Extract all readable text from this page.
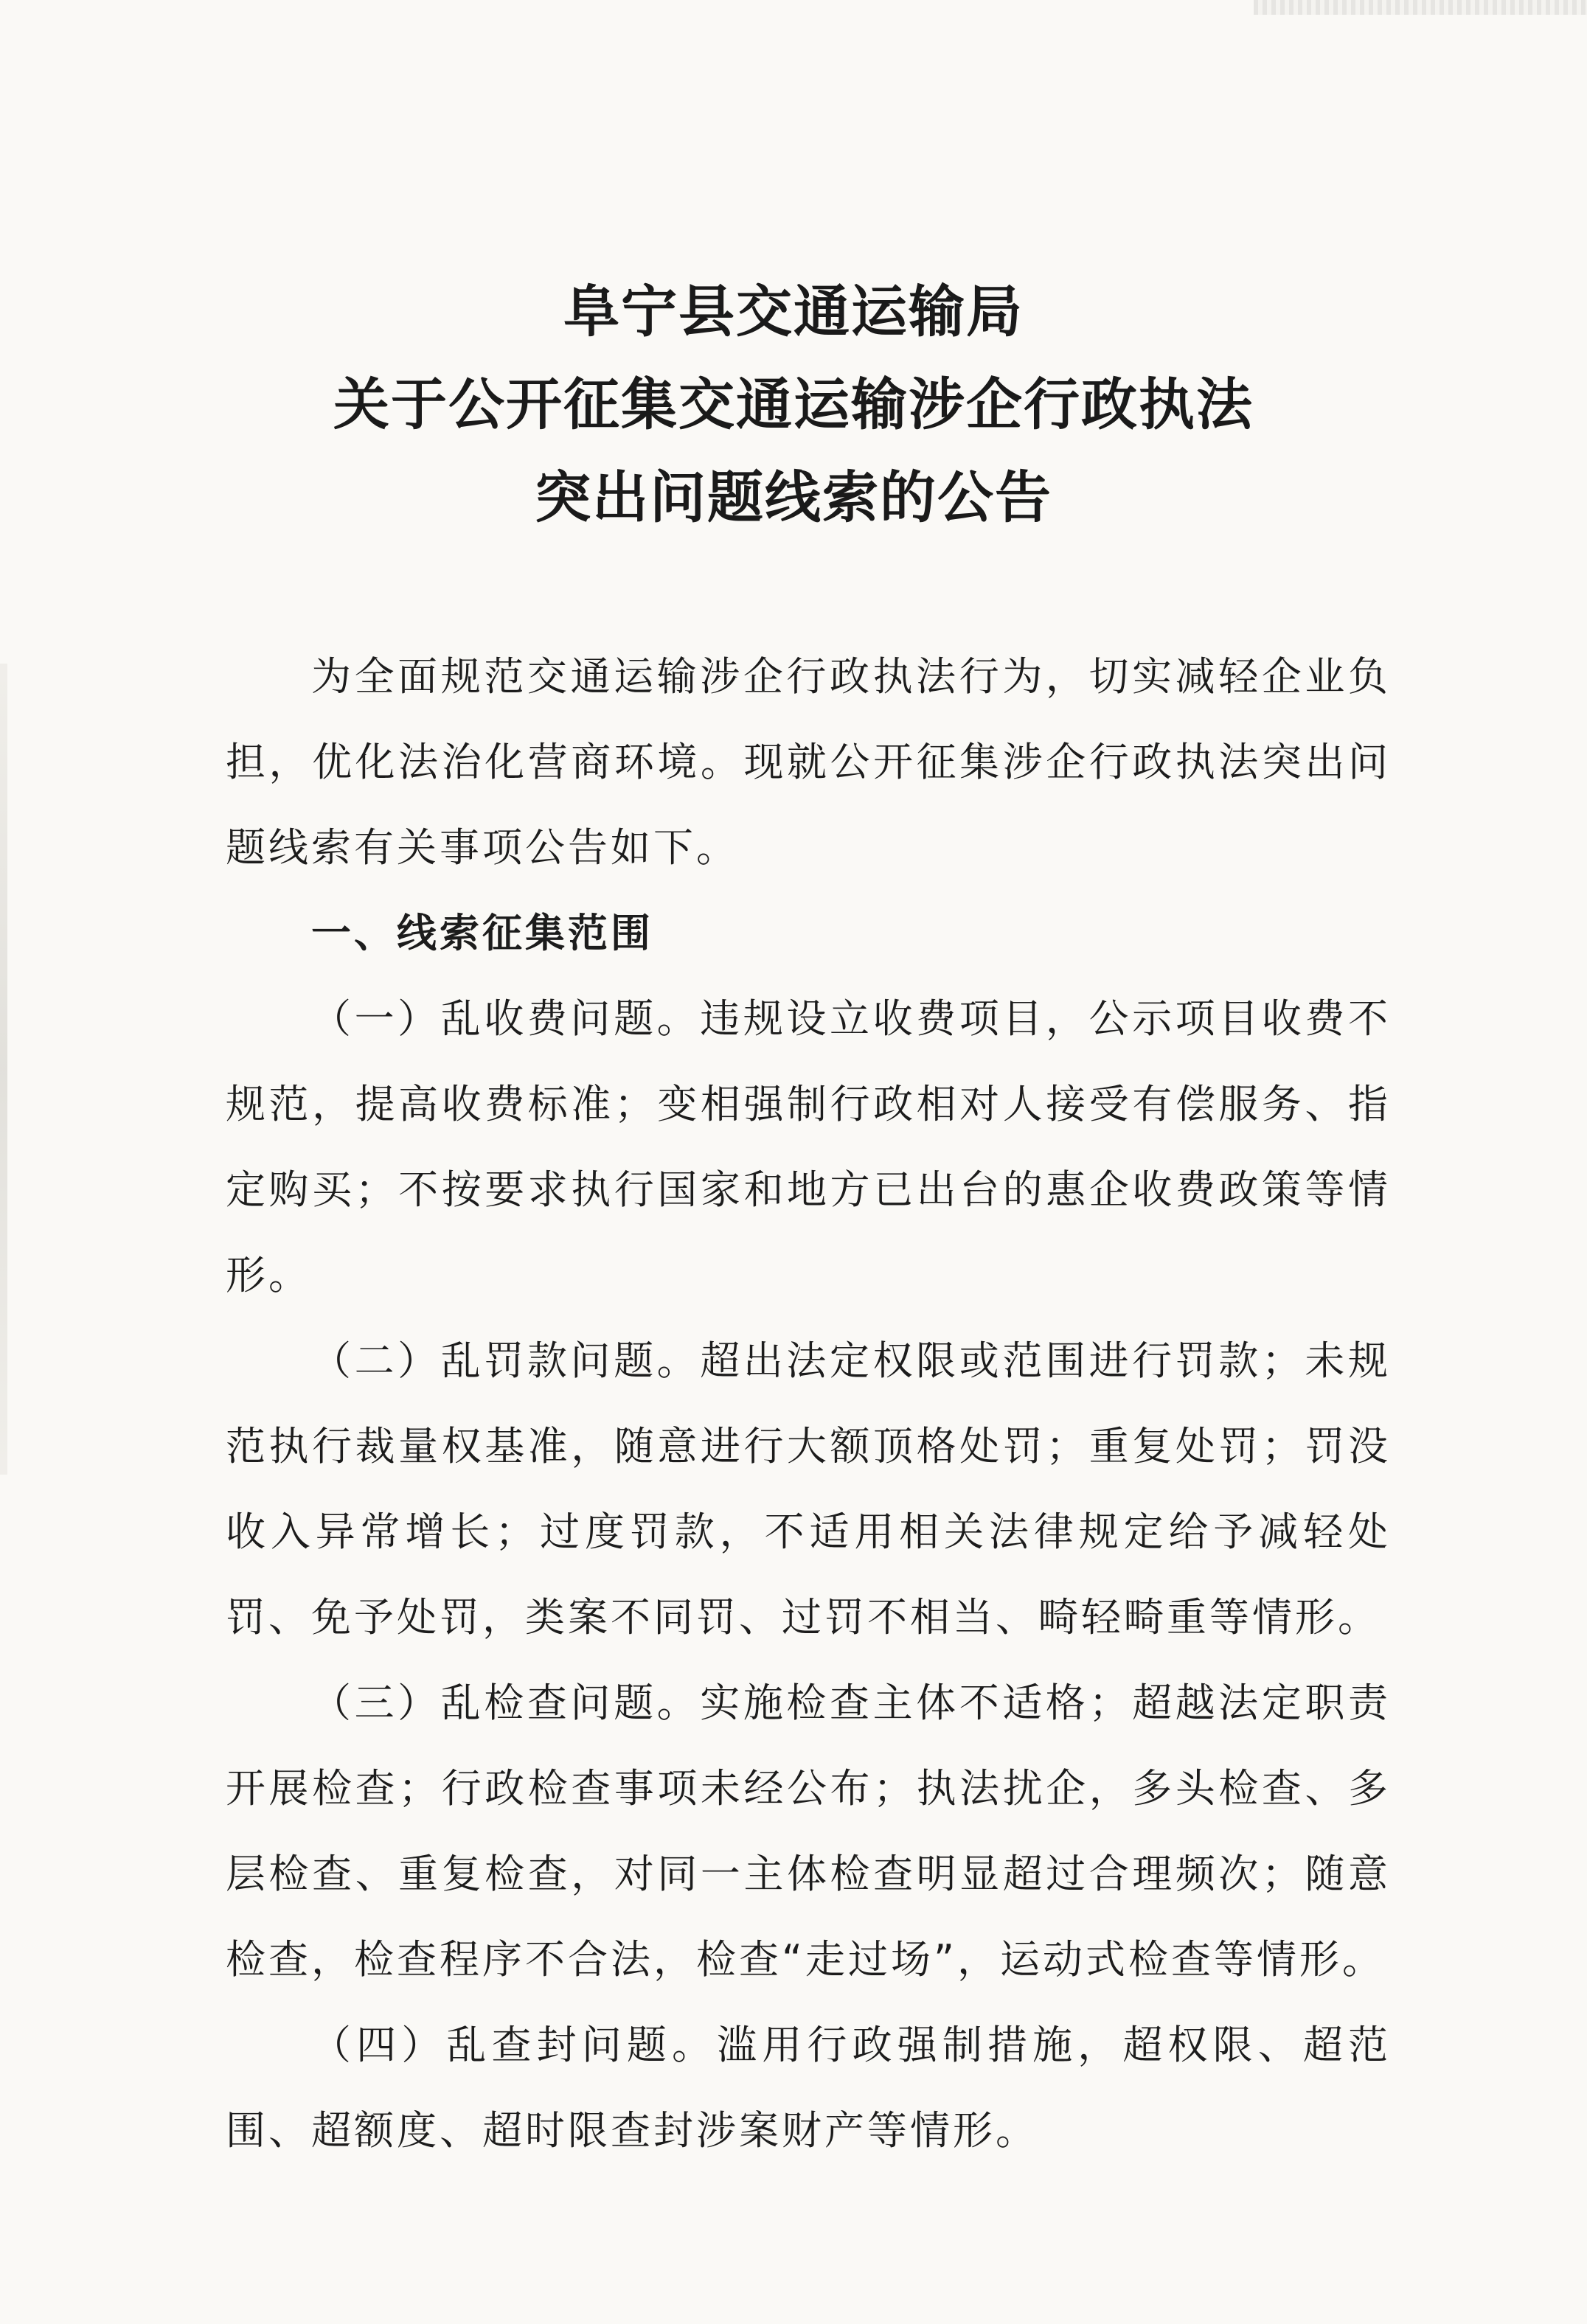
阜宁县交通运输局
关于公开征集交通运输涉企行政执法
突出问题线索的公告

为全面规范交通运输涉企行政执法行为，切实减轻企业负担，优化法治化营商环境。现就公开征集涉企行政执法突出问题线索有关事项公告如下。

一、线索征集范围

（一）乱收费问题。违规设立收费项目，公示项目收费不规范，提高收费标准；变相强制行政相对人接受有偿服务、指定购买；不按要求执行国家和地方已出台的惠企收费政策等情形。

（二）乱罚款问题。超出法定权限或范围进行罚款；未规范执行裁量权基准，随意进行大额顶格处罚；重复处罚；罚没收入异常增长；过度罚款，不适用相关法律规定给予减轻处罚、免予处罚，类案不同罚、过罚不相当、畸轻畸重等情形。

（三）乱检查问题。实施检查主体不适格；超越法定职责开展检查；行政检查事项未经公布；执法扰企，多头检查、多层检查、重复检查，对同一主体检查明显超过合理频次；随意检查，检查程序不合法，检查“走过场”，运动式检查等情形。

（四）乱查封问题。滥用行政强制措施，超权限、超范围、超额度、超时限查封涉案财产等情形。
